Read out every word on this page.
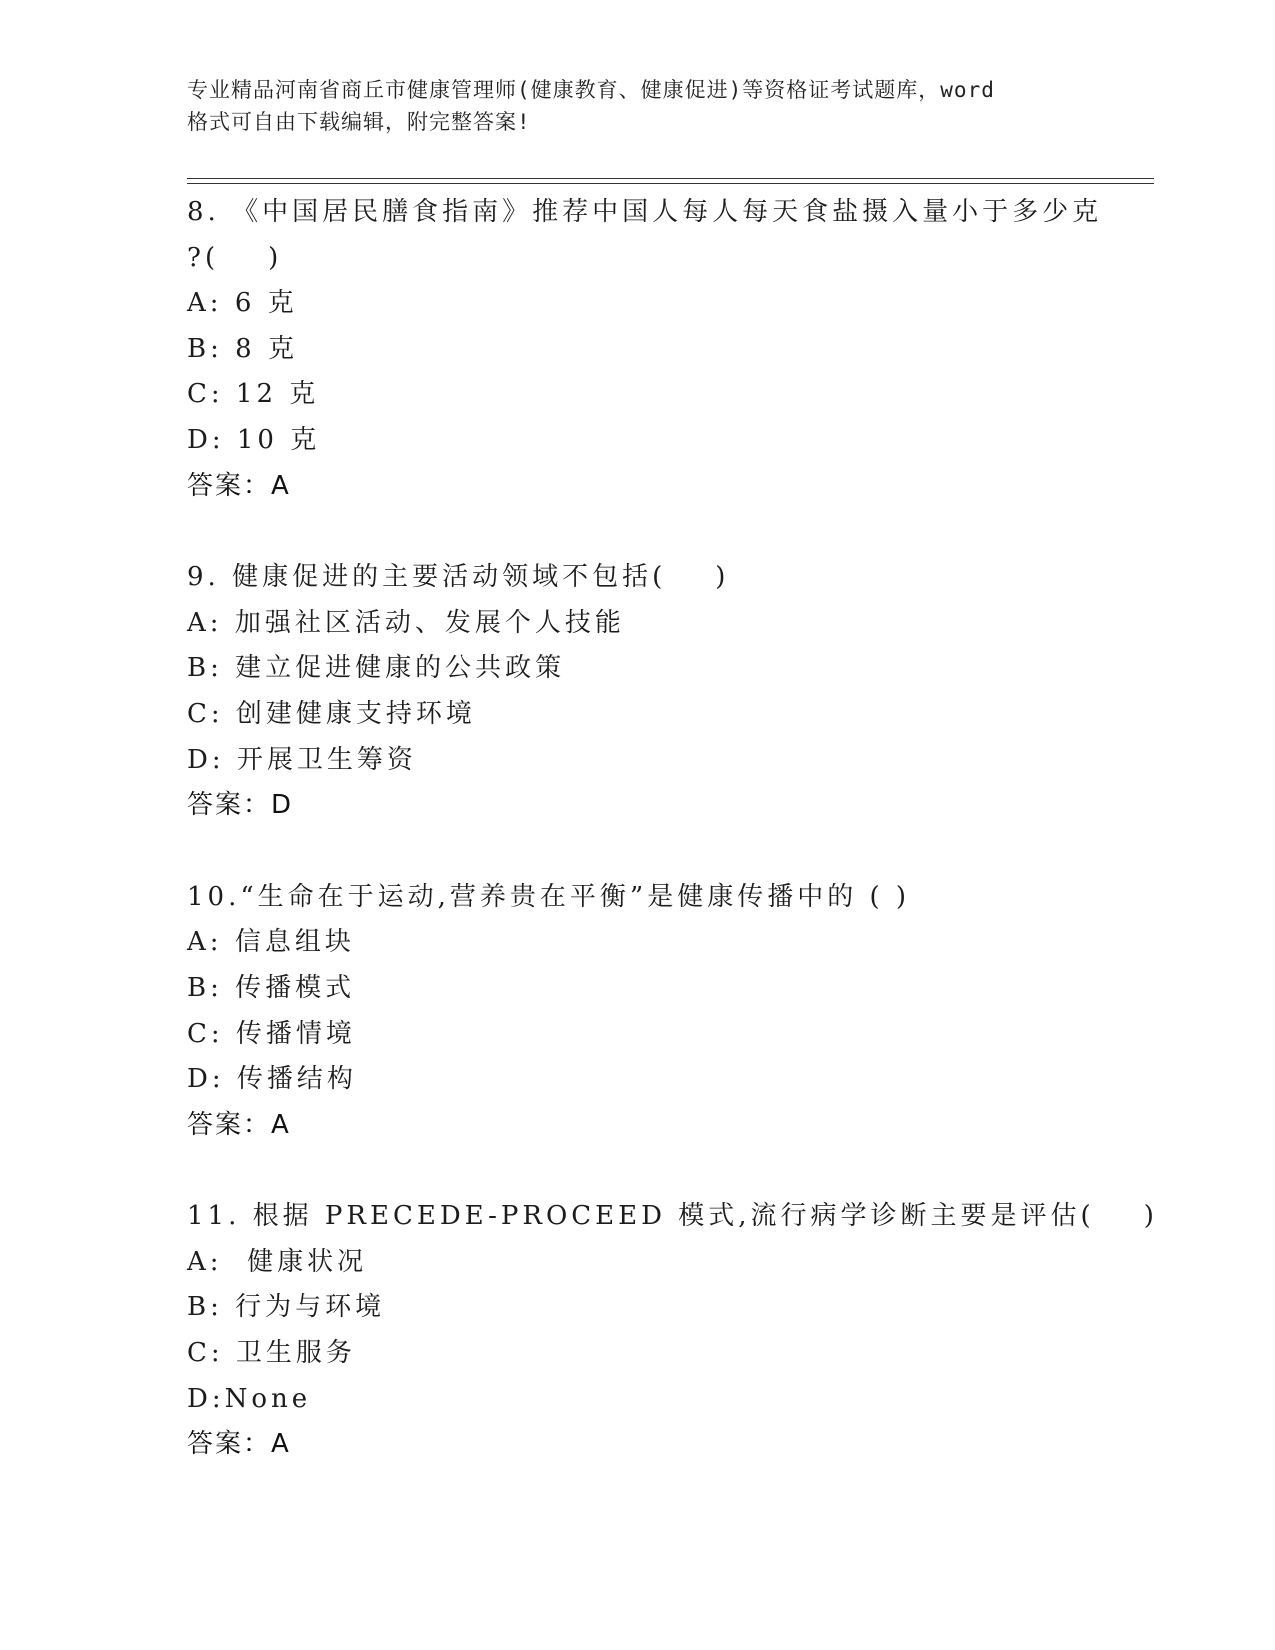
专业精品河南省商丘市健康管理师(健康教育、健康促进)等资格证考试题库，word
格式可自由下载编辑，附完整答案!
8. 《中国居民膳食指南》推荐中国人每人每天食盐摄入量小于多少克
?(    )
A: 6 克
B: 8 克
C: 12 克
D: 10 克
答案：A
9. 健康促进的主要活动领域不包括(    )
A: 加强社区活动、发展个人技能
B: 建立促进健康的公共政策
C: 创建健康支持环境
D: 开展卫生筹资
答案：D
10.“生命在于运动,营养贵在平衡”是健康传播中的 ( )
A: 信息组块
B: 传播模式
C: 传播情境
D: 传播结构
答案：A
11. 根据 PRECEDE-PROCEED 模式,流行病学诊断主要是评估(    )
A:  健康状况
B: 行为与环境
C: 卫生服务
D:None
答案：A
